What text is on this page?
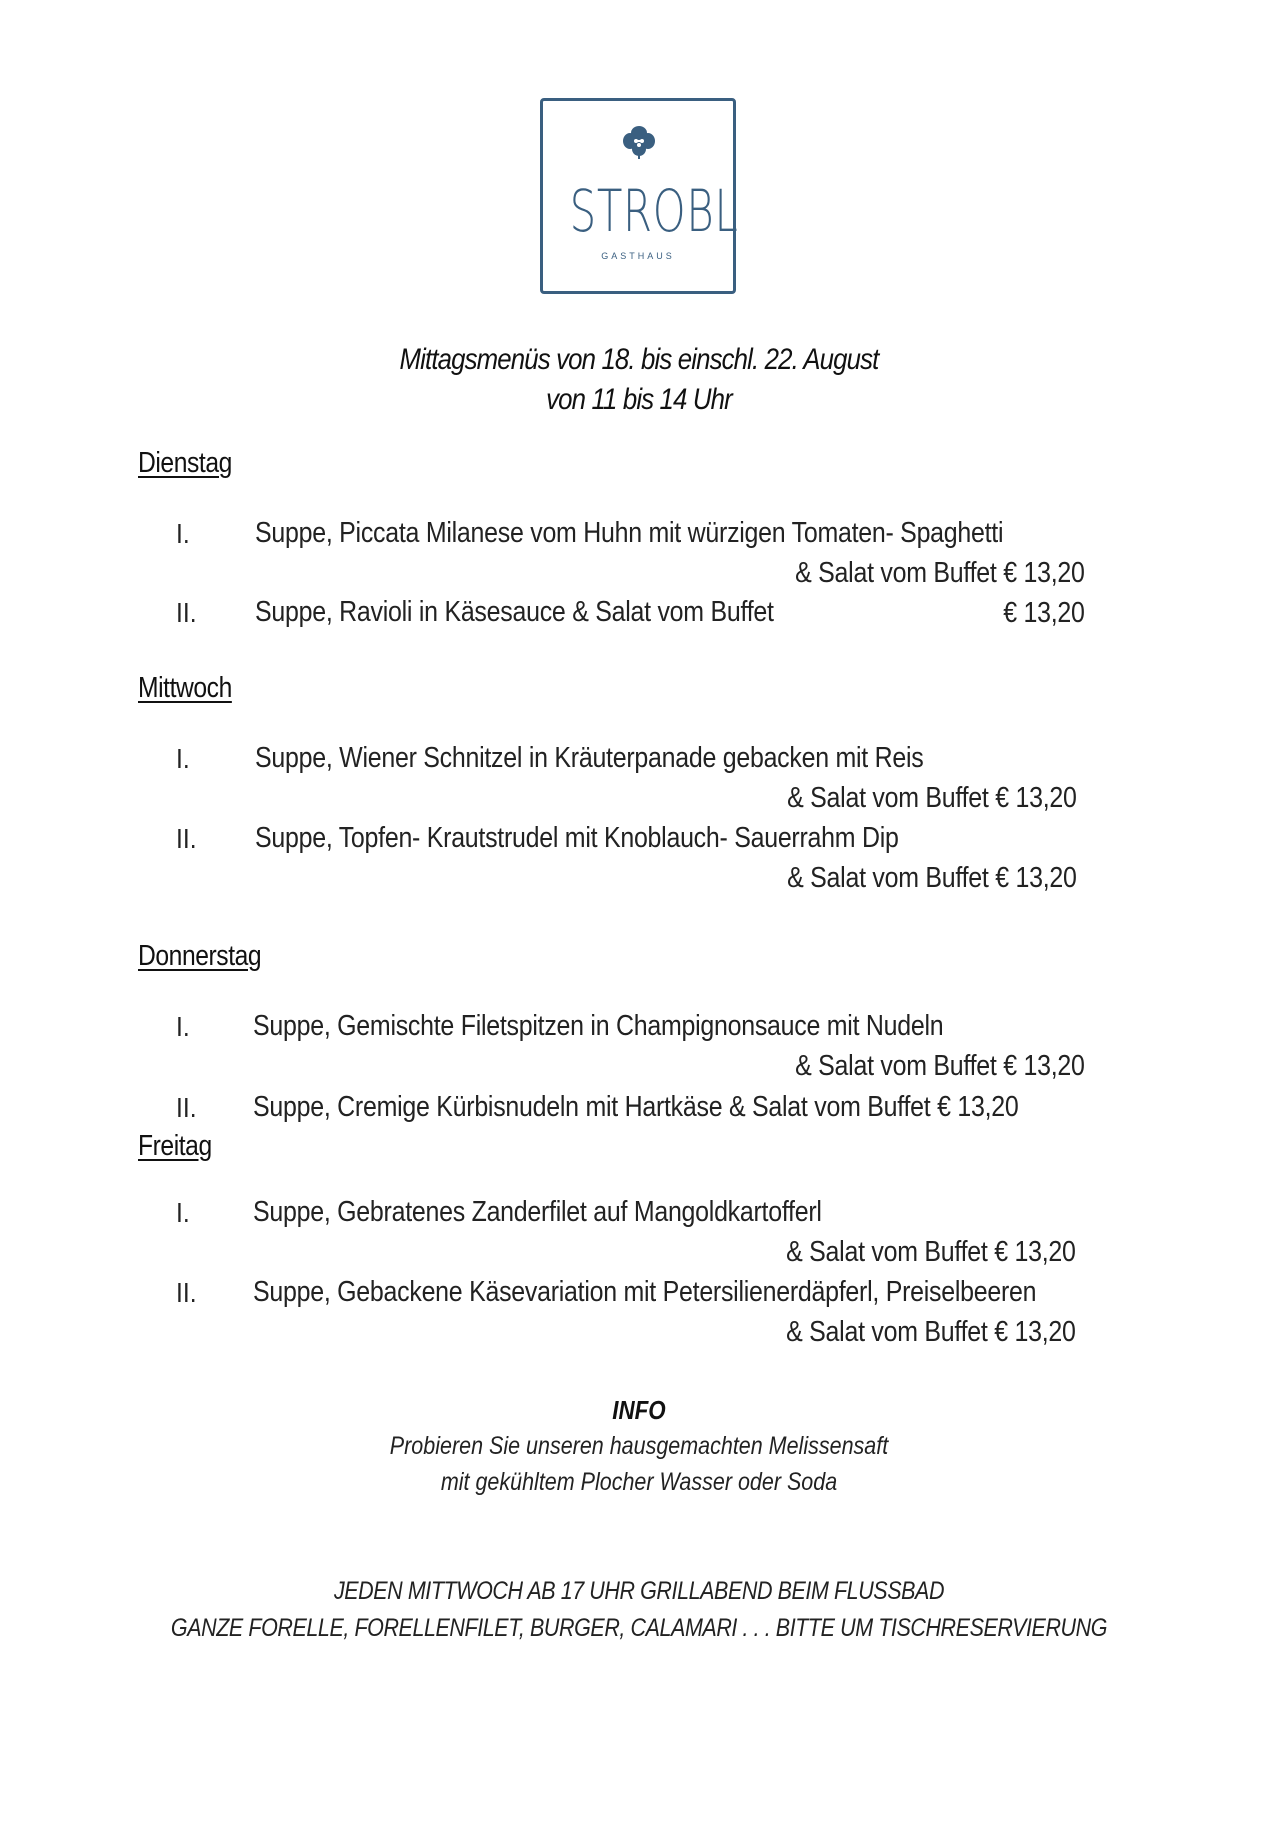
STROBL
GASTHAUS
Mittagsmenüs von 18. bis einschl. 22. August
von 11 bis 14 Uhr
Dienstag
I. Suppe, Piccata Milanese vom Huhn mit würzigen Tomaten- Spaghetti
& Salat vom Buffet € 13,20
II. Suppe, Ravioli in Käsesauce & Salat vom Buffet	€ 13,20
Mittwoch
I. Suppe, Wiener Schnitzel in Kräuterpanade gebacken mit Reis
& Salat vom Buffet € 13,20
II. Suppe, Topfen- Krautstrudel mit Knoblauch- Sauerrahm Dip
& Salat vom Buffet € 13,20
Donnerstag
I. Suppe, Gemischte Filetspitzen in Champignonsauce mit Nudeln
& Salat vom Buffet € 13,20
II. Suppe, Cremige Kürbisnudeln mit Hartkäse & Salat vom Buffet € 13,20
Freitag
I. Suppe, Gebratenes Zanderfilet auf Mangoldkartofferl
& Salat vom Buffet € 13,20
II. Suppe, Gebackene Käsevariation mit Petersilienerdäpferl, Preiselbeeren
& Salat vom Buffet € 13,20
INFO
Probieren Sie unseren hausgemachten Melissensaft
mit gekühltem Plocher Wasser oder Soda
JEDEN MITTWOCH AB 17 UHR GRILLABEND BEIM FLUSSBAD
GANZE FORELLE, FORELLENFILET, BURGER, CALAMARI . . . BITTE UM TISCHRESERVIERUNG
